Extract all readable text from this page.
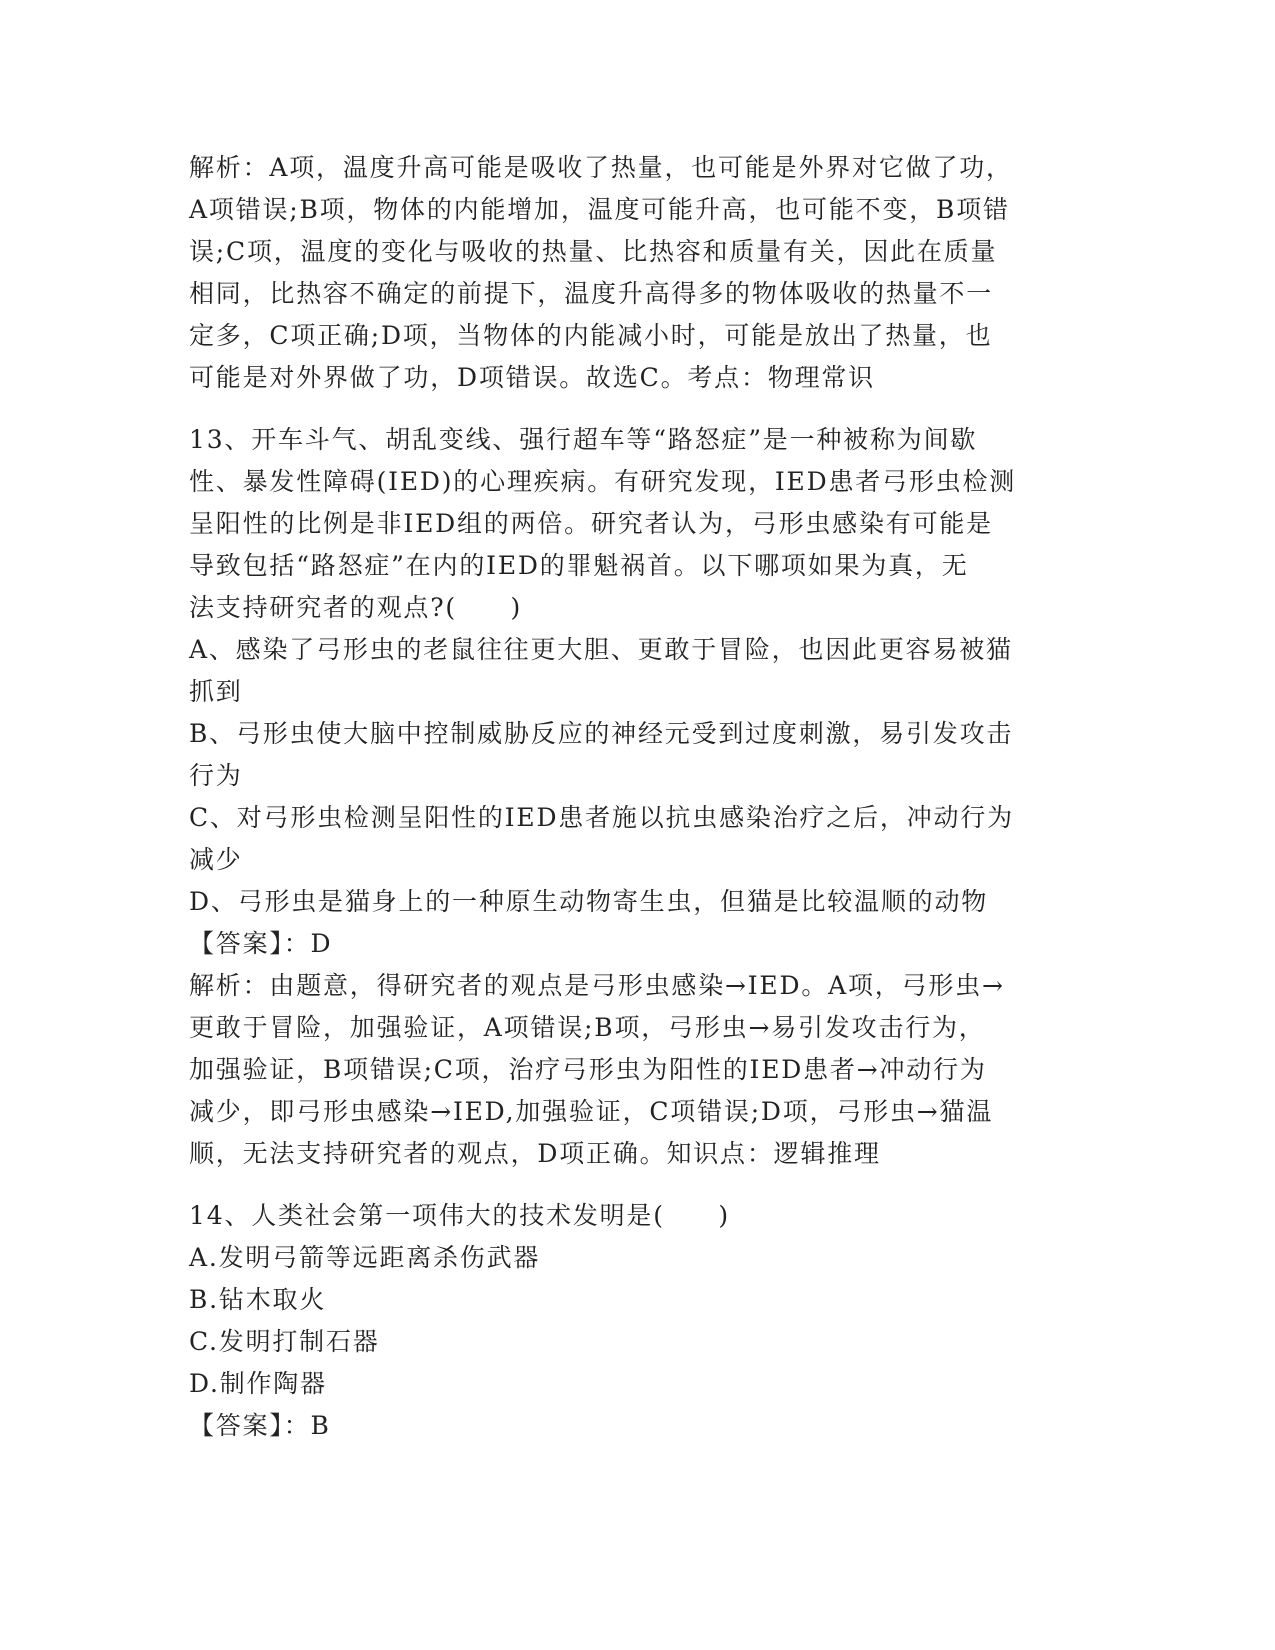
解析：A项，温度升高可能是吸收了热量，也可能是外界对它做了功，
A项错误;B项，物体的内能增加，温度可能升高，也可能不变，B项错
误;C项，温度的变化与吸收的热量、比热容和质量有关，因此在质量
相同，比热容不确定的前提下，温度升高得多的物体吸收的热量不一
定多，C项正确;D项，当物体的内能减小时，可能是放出了热量，也
可能是对外界做了功，D项错误。故选C。考点：物理常识
13、开车斗气、胡乱变线、强行超车等“路怒症”是一种被称为间歇
性、暴发性障碍(IED)的心理疾病。有研究发现，IED患者弓形虫检测
呈阳性的比例是非IED组的两倍。研究者认为，弓形虫感染有可能是
导致包括“路怒症”在内的IED的罪魁祸首。以下哪项如果为真，无
法支持研究者的观点?(　　)
A、感染了弓形虫的老鼠往往更大胆、更敢于冒险，也因此更容易被猫
抓到
B、弓形虫使大脑中控制威胁反应的神经元受到过度刺激，易引发攻击
行为
C、对弓形虫检测呈阳性的IED患者施以抗虫感染治疗之后，冲动行为
减少
D、弓形虫是猫身上的一种原生动物寄生虫，但猫是比较温顺的动物
【答案】：D
解析：由题意，得研究者的观点是弓形虫感染→IED。A项，弓形虫→
更敢于冒险，加强验证，A项错误;B项，弓形虫→易引发攻击行为，
加强验证，B项错误;C项，治疗弓形虫为阳性的IED患者→冲动行为
减少，即弓形虫感染→IED,加强验证，C项错误;D项，弓形虫→猫温
顺，无法支持研究者的观点，D项正确。知识点：逻辑推理
14、人类社会第一项伟大的技术发明是(　　)
A.发明弓箭等远距离杀伤武器
B.钻木取火
C.发明打制石器
D.制作陶器
【答案】：B
